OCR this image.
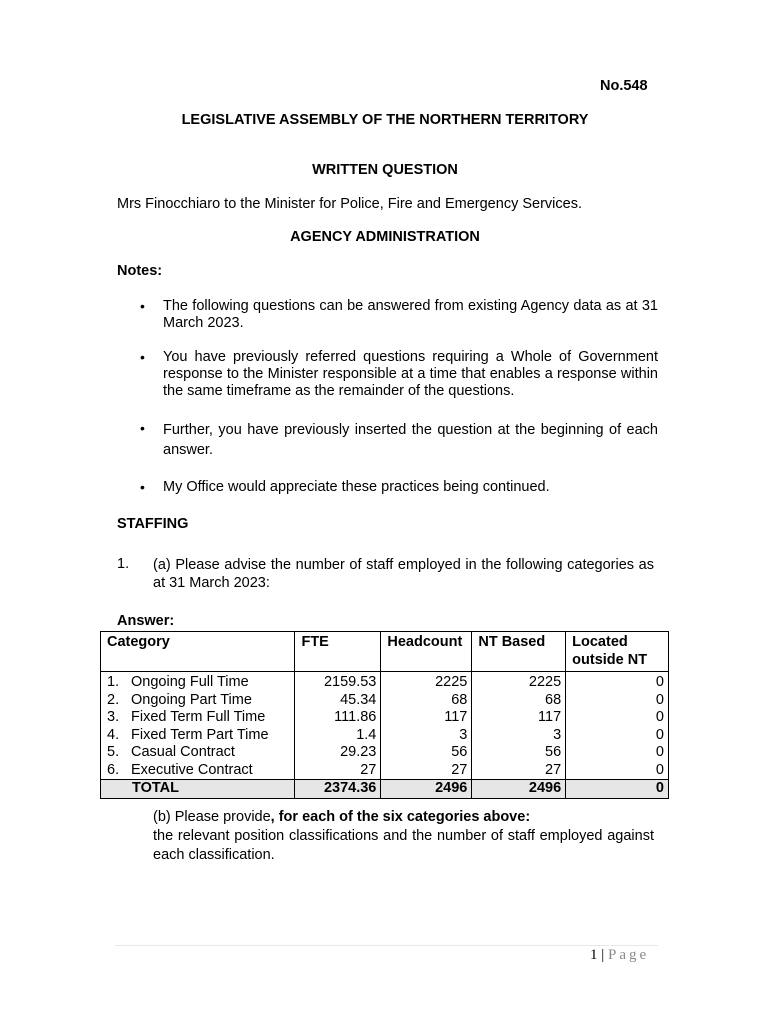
No.548
LEGISLATIVE ASSEMBLY OF THE NORTHERN TERRITORY
WRITTEN QUESTION
Mrs Finocchiaro to the Minister for Police, Fire and Emergency Services.
AGENCY ADMINISTRATION
Notes:
• The following questions can be answered from existing Agency data as at 31 March 2023.
• You have previously referred questions requiring a Whole of Government response to the Minister responsible at a time that enables a response within the same timeframe as the remainder of the questions.
• Further, you have previously inserted the question at the beginning of each answer.
• My Office would appreciate these practices being continued.
STAFFING
1. (a) Please advise the number of staff employed in the following categories as at 31 March 2023:
Answer:
Category	FTE	Headcount	NT Based	Located outside NT
1. Ongoing Full Time	2159.53	2225	2225	0
2. Ongoing Part Time	45.34	68	68	0
3. Fixed Term Full Time	111.86	117	117	0
4. Fixed Term Part Time	1.4	3	3	0
5. Casual Contract	29.23	56	56	0
6. Executive Contract	27	27	27	0
TOTAL	2374.36	2496	2496	0
(b) Please provide, for each of the six categories above:
the relevant position classifications and the number of staff employed against each classification.
1 | Page
